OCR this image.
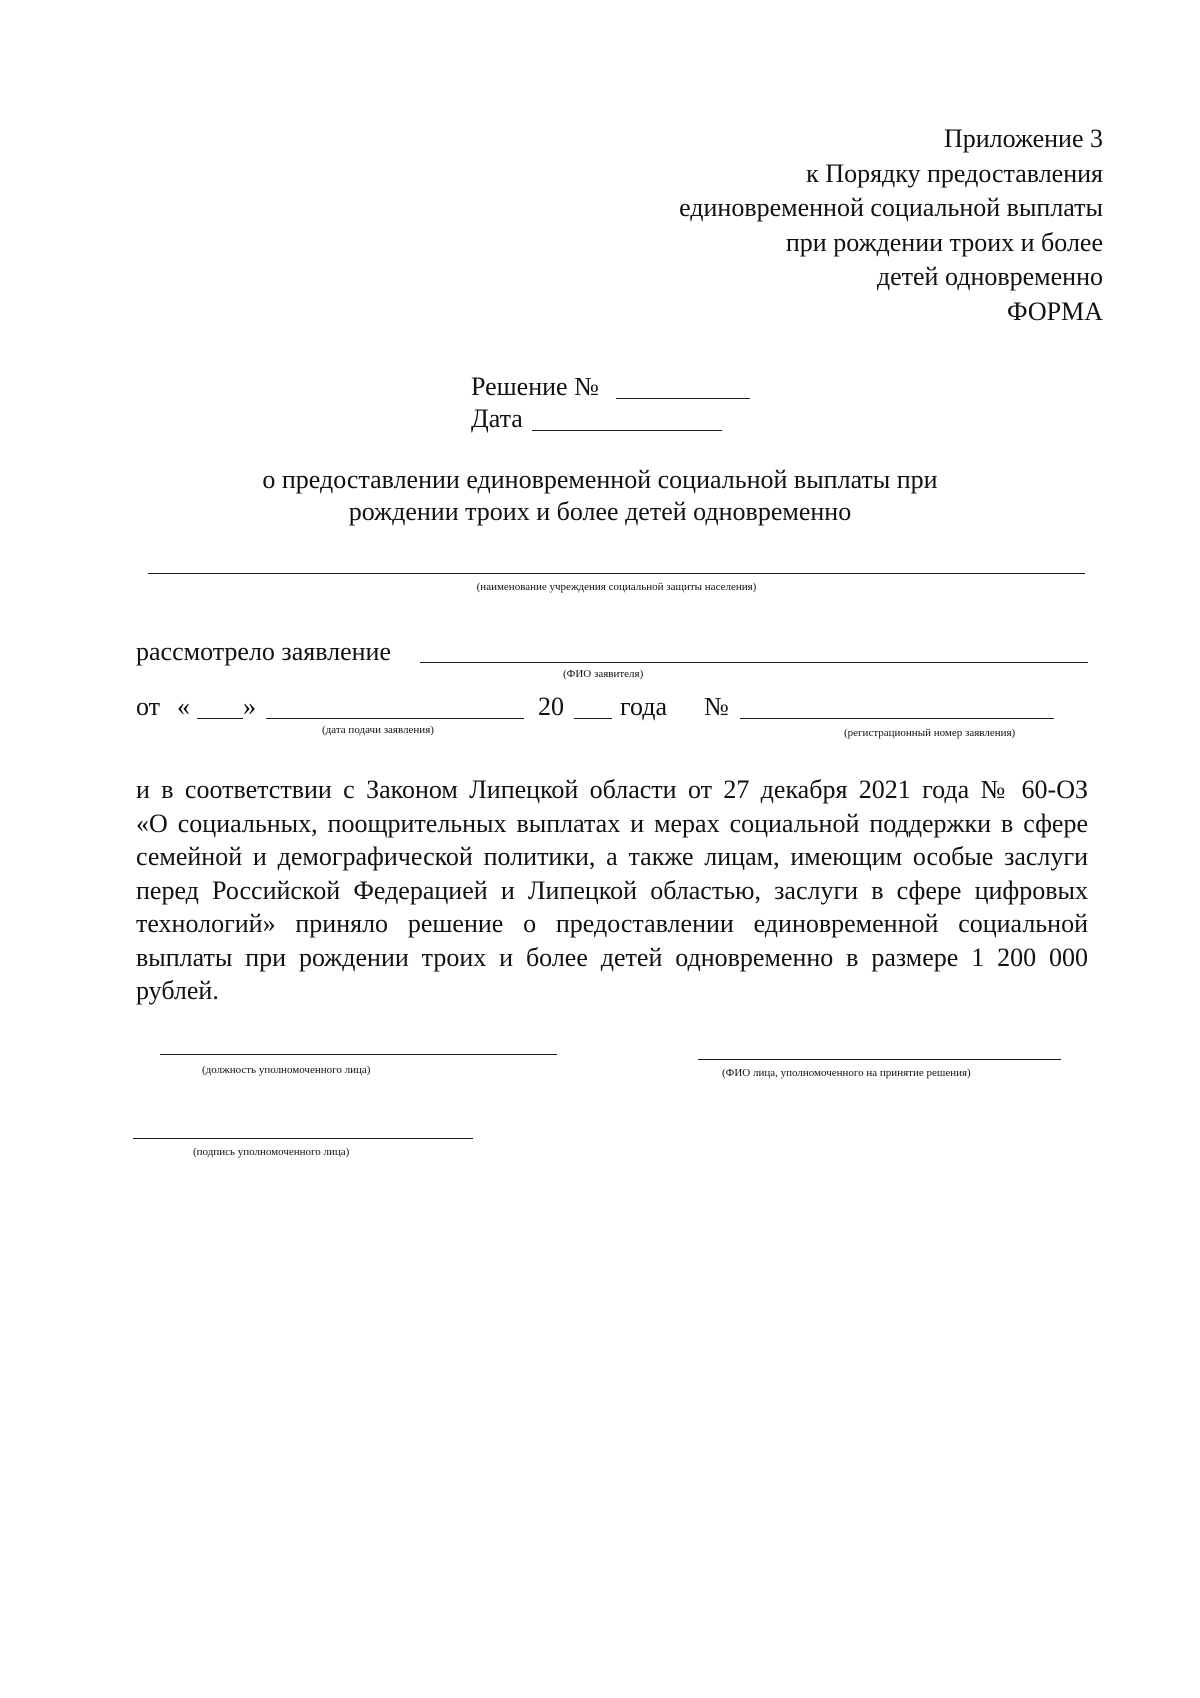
Приложение 3
к Порядку предоставления
единовременной социальной выплаты
при рождении троих и более
детей одновременно
ФОРМА
Решение №
Дата
о предоставлении единовременной социальной выплаты при
рождении троих и более детей одновременно
(наименование учреждения социальной защиты населения)
рассмотрело заявление
(ФИО заявителя)
от « »	20 года №
(дата подачи заявления)	(регистрационный номер заявления)
и в соответствии с Законом Липецкой области от 27 декабря 2021 года № 60-ОЗ
«О социальных, поощрительных выплатах и мерах социальной поддержки в сфере
семейной и демографической политики, а также лицам, имеющим особые заслуги
перед Российской Федерацией и Липецкой областью, заслуги в сфере цифровых
технологий» приняло решение о предоставлении единовременной социальной
выплаты при рождении троих и более детей одновременно в размере 1 200 000
рублей.
(должность уполномоченного лица)	(ФИО лица, уполномоченного на принятие решения)
(подпись уполномоченного лица)
